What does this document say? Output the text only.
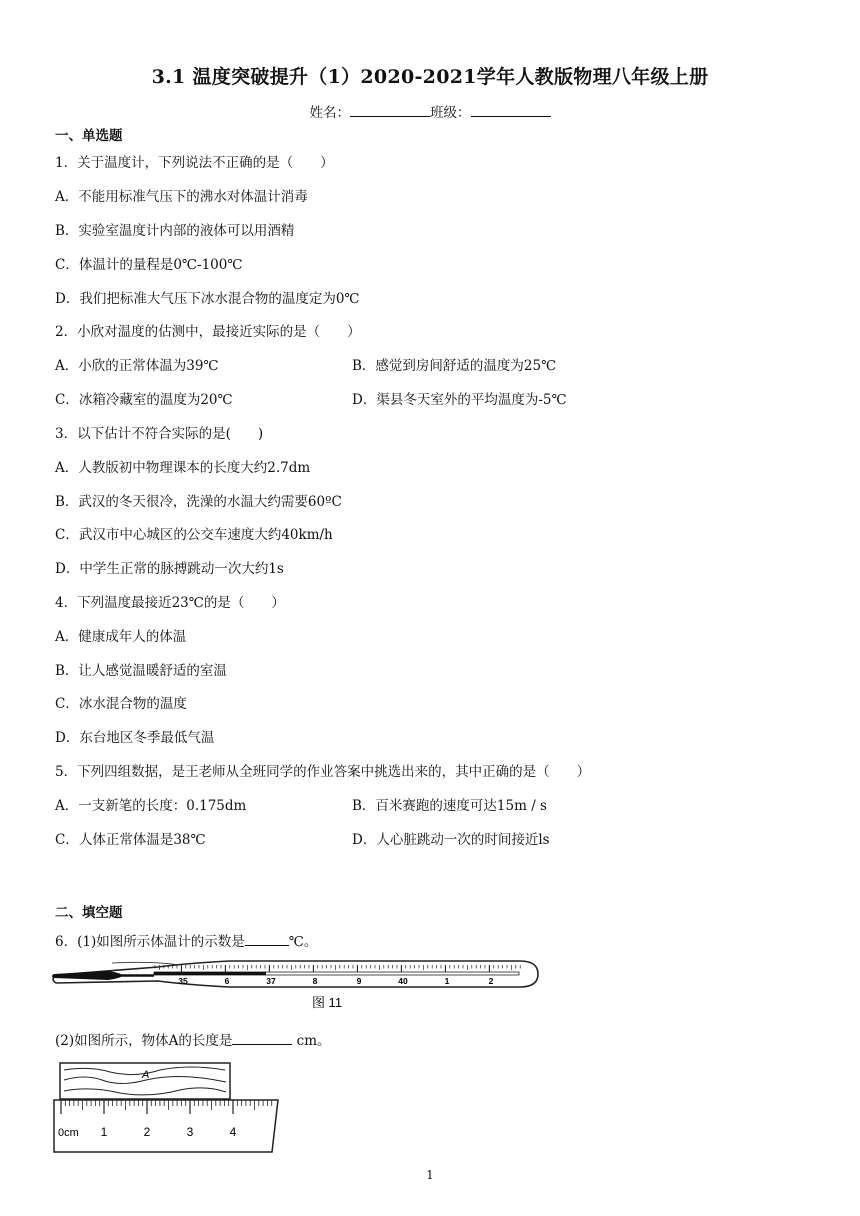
3.1 温度突破提升（1）2020-2021学年人教版物理八年级上册
姓名：	班级：
一、单选题
1．关于温度计，下列说法不正确的是（　　）
A．不能用标准气压下的沸水对体温计消毒
B．实验室温度计内部的液体可以用酒精
C．体温计的量程是0℃-100℃
D．我们把标准大气压下冰水混合物的温度定为0℃
2．小欣对温度的估测中，最接近实际的是（　　）
A．小欣的正常体温为39℃	B．感觉到房间舒适的温度为25℃
C．冰箱冷藏室的温度为20℃	D．渠县冬天室外的平均温度为-5℃
3．以下估计不符合实际的是(　　)
A．人教版初中物理课本的长度大约2.7dm
B．武汉的冬天很冷，洗澡的水温大约需要60ºC
C．武汉市中心城区的公交车速度大约40km/h
D．中学生正常的脉搏跳动一次大约1s
4．下列温度最接近23℃的是（　　）
A．健康成年人的体温
B．让人感觉温暖舒适的室温
C．冰水混合物的温度
D．东台地区冬季最低气温
5．下列四组数据，是王老师从全班同学的作业答案中挑选出来的，其中正确的是（　　）
A．一支新笔的长度：0.175dm	B．百米赛跑的速度可达15m / s
C．人体正常体温是38℃	D．人心脏跳动一次的时间接近ls
二、填空题
6．(1)如图所示体温计的示数是	℃。
35	6	37	8	9	40	1	2
图 11
(2)如图所示，物体A的长度是	cm。
A
0cm 1	2	3	4
1
